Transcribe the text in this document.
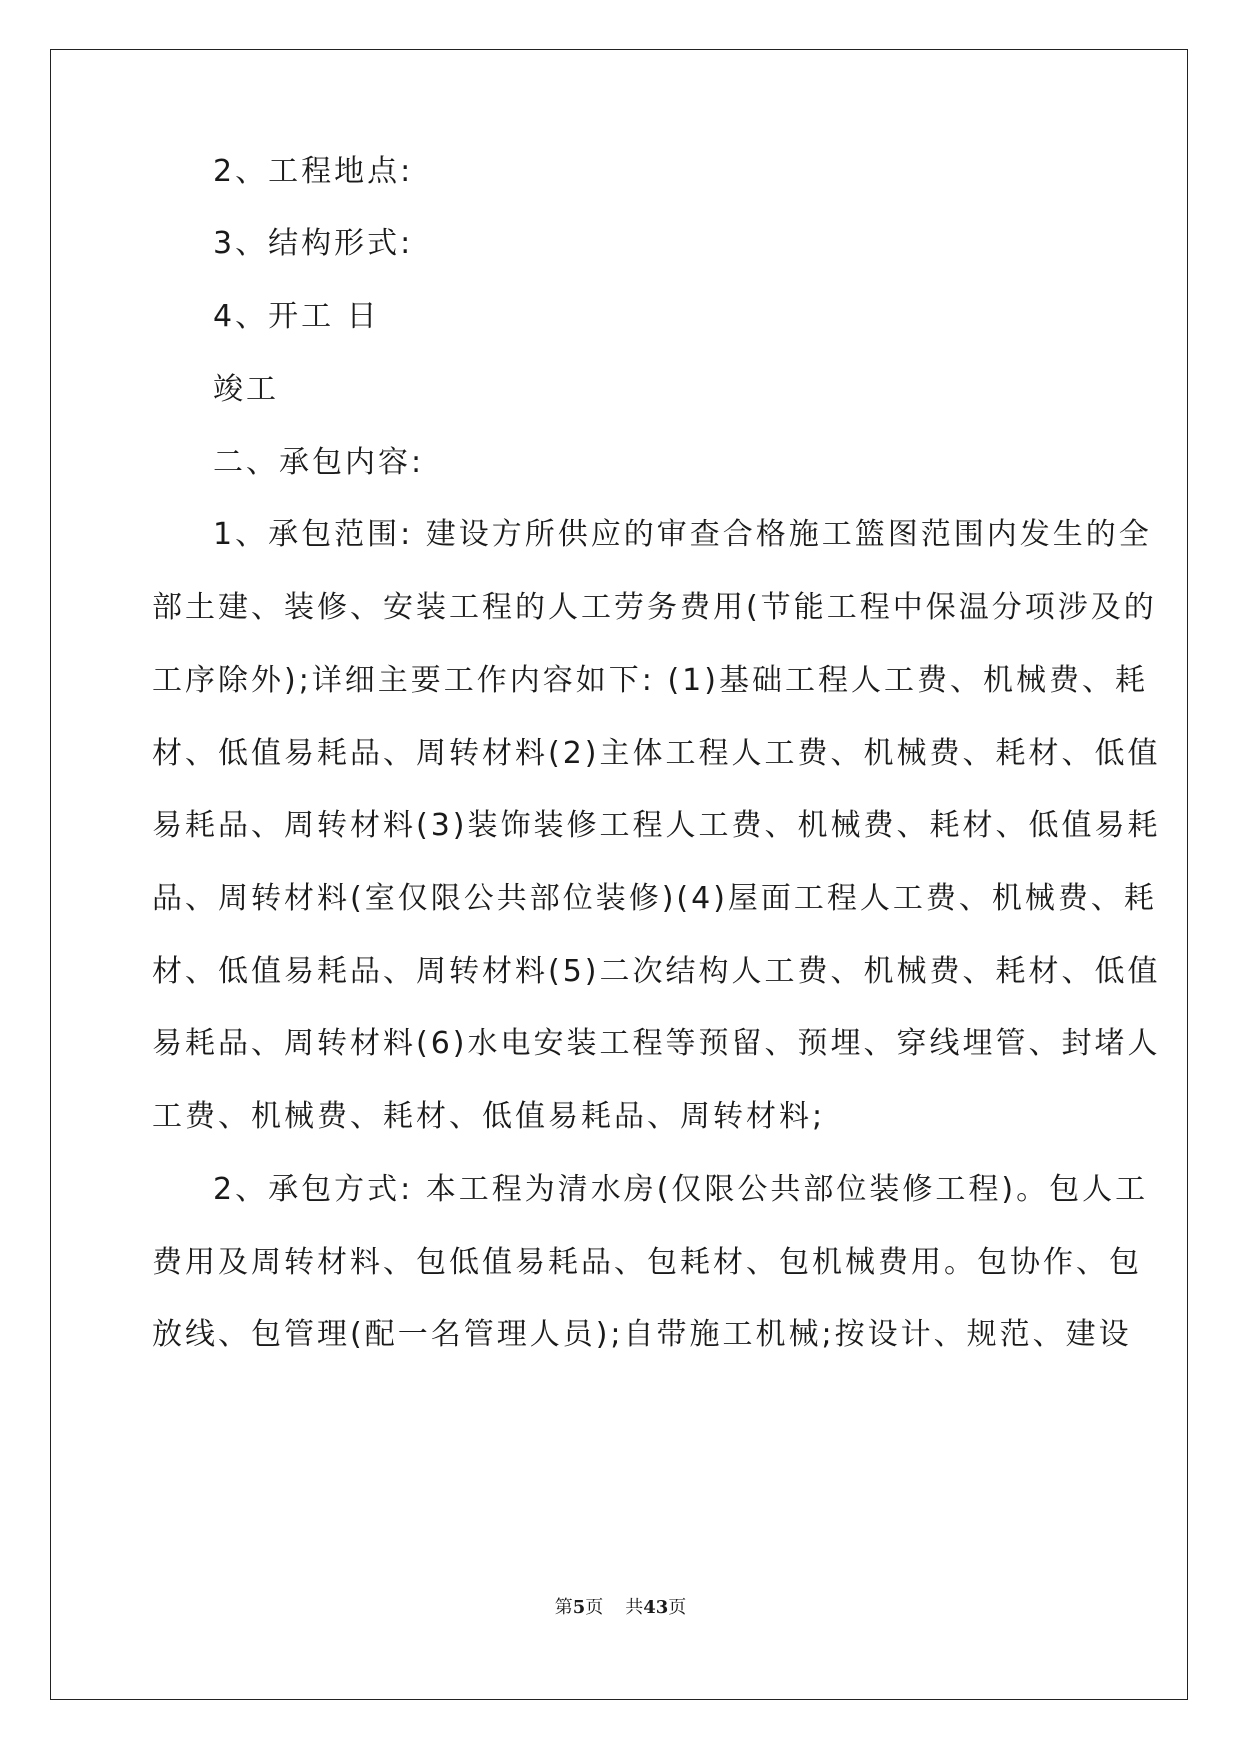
2、工程地点:
3、结构形式:
4、开工 日
竣工
二、承包内容:
1、承包范围: 建设方所供应的审查合格施工篮图范围内发生的全
部土建、装修、安装工程的人工劳务费用(节能工程中保温分项涉及的
工序除外);详细主要工作内容如下: (1)基础工程人工费、机械费、耗
材、低值易耗品、周转材料(2)主体工程人工费、机械费、耗材、低值
易耗品、周转材料(3)装饰装修工程人工费、机械费、耗材、低值易耗
品、周转材料(室仅限公共部位装修)(4)屋面工程人工费、机械费、耗
材、低值易耗品、周转材料(5)二次结构人工费、机械费、耗材、低值
易耗品、周转材料(6)水电安装工程等预留、预埋、穿线埋管、封堵人
工费、机械费、耗材、低值易耗品、周转材料;
2、承包方式: 本工程为清水房(仅限公共部位装修工程)。包人工
费用及周转材料、包低值易耗品、包耗材、包机械费用。包协作、包
放线、包管理(配一名管理人员);自带施工机械;按设计、规范、建设
第5页 共43页
